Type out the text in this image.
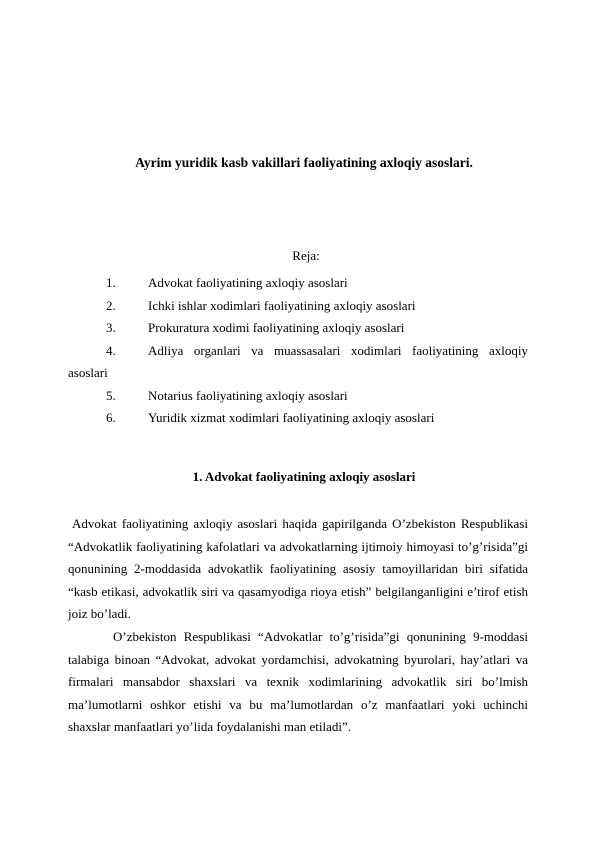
Ayrim yuridik kasb vakillari faoliyatining axloqiy asoslari.
Reja:
1. Advokat faoliyatining axloqiy asoslari
2. Ichki ishlar xodimlari faoliyatining axloqiy asoslari
3. Prokuratura xodimi faoliyatining axloqiy asoslari
4. Adliya organlari va muassasalari xodimlari faoliyatining axloqiy
asoslari
5. Notarius faoliyatining axloqiy asoslari
6. Yuridik xizmat xodimlari faoliyatining axloqiy asoslari
1. Advokat faoliyatining axloqiy asoslari

Advokat faoliyatining axloqiy asoslari haqida gapirilganda O’zbekiston Respublikasi “Advokatlik faoliyatining kafolatlari va advokatlarning ijtimoiy himoyasi to’g’risida”gi qonunining 2-moddasida advokatlik faoliyatining asosiy tamoyillaridan biri sifatida “kasb etikasi, advokatlik siri va qasamyodiga rioya etish” belgilanganligini e’tirof etish joiz bo’ladi.

O’zbekiston Respublikasi “Advokatlar to’g’risida”gi qonunining 9-moddasi talabiga binoan “Advokat, advokat yordamchisi, advokatning byurolari, hay’atlari va firmalari mansabdor shaxslari va texnik xodimlarining advokatlik siri bo’lmish ma’lumotlarni oshkor etishi va bu ma’lumotlardan o’z manfaatlari yoki uchinchi shaxslar manfaatlari yo’lida foydalanishi man etiladi”.
